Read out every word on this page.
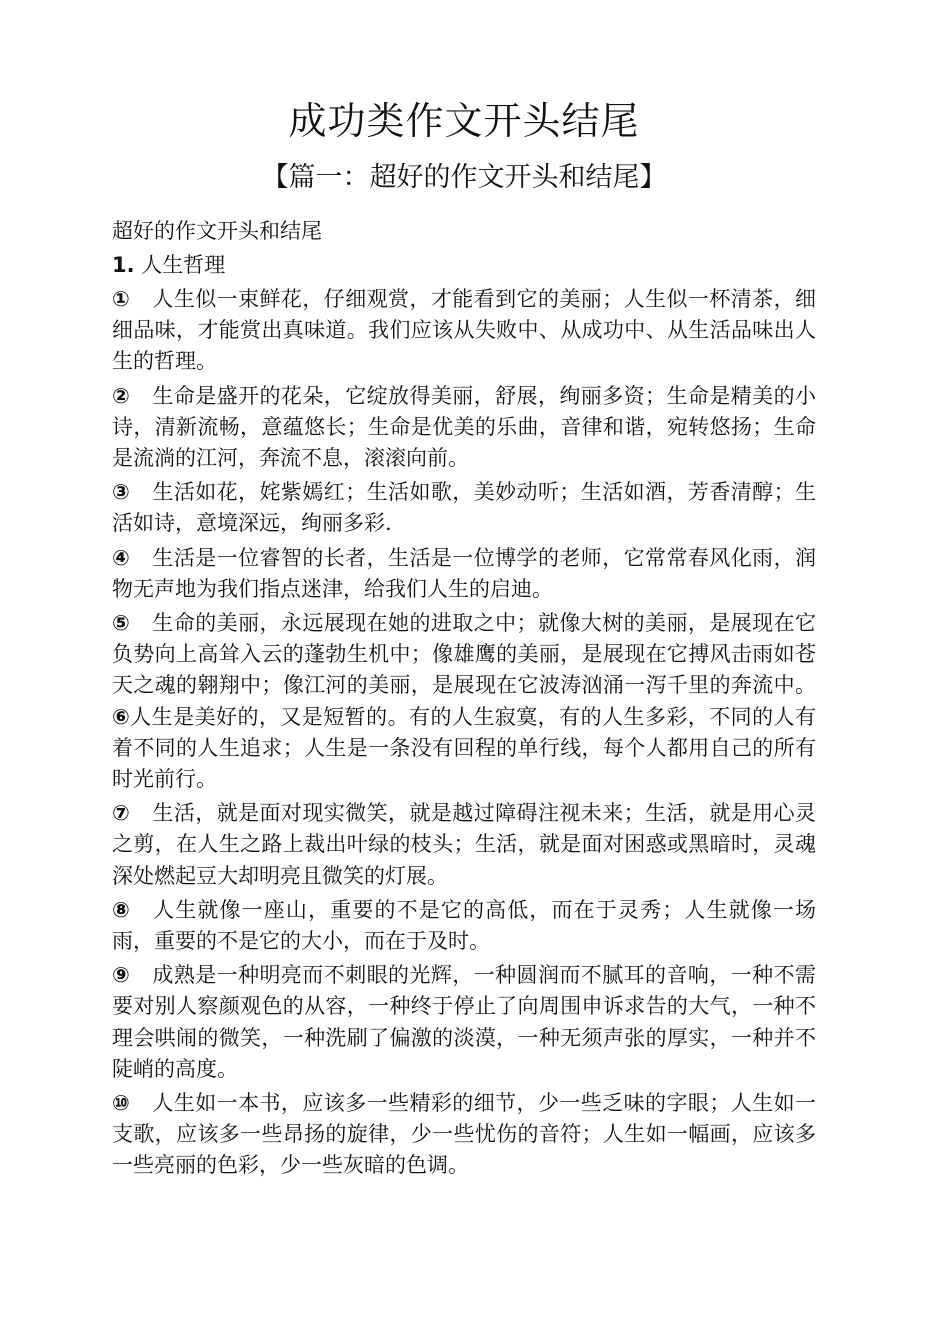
成功类作文开头结尾
【篇一：超好的作文开头和结尾】

超好的作文开头和结尾

1. 人生哲理

① 人生似一束鲜花，仔细观赏，才能看到它的美丽；人生似一杯清茶，细细品味，才能赏出真味道。我们应该从失败中、从成功中、从生活品味出人生的哲理。

② 生命是盛开的花朵，它绽放得美丽，舒展，绚丽多资；生命是精美的小诗，清新流畅，意蕴悠长；生命是优美的乐曲，音律和谐，宛转悠扬；生命是流淌的江河，奔流不息，滚滚向前。

③ 生活如花，姹紫嫣红；生活如歌，美妙动听；生活如酒，芳香清醇；生活如诗，意境深远，绚丽多彩.

④ 生活是一位睿智的长者，生活是一位博学的老师，它常常春风化雨，润物无声地为我们指点迷津，给我们人生的启迪。

⑤ 生命的美丽，永远展现在她的进取之中；就像大树的美丽，是展现在它负势向上高耸入云的蓬勃生机中；像雄鹰的美丽，是展现在它搏风击雨如苍天之魂的翱翔中；像江河的美丽，是展现在它波涛汹涌一泻千里的奔流中。⑥人生是美好的，又是短暂的。有的人生寂寞，有的人生多彩，不同的人有着不同的人生追求；人生是一条没有回程的单行线，每个人都用自己的所有时光前行。

⑦ 生活，就是面对现实微笑，就是越过障碍注视未来；生活，就是用心灵之剪，在人生之路上裁出叶绿的枝头；生活，就是面对困惑或黑暗时，灵魂深处燃起豆大却明亮且微笑的灯展。

⑧ 人生就像一座山，重要的不是它的高低，而在于灵秀；人生就像一场雨，重要的不是它的大小，而在于及时。

⑨ 成熟是一种明亮而不刺眼的光辉，一种圆润而不腻耳的音响，一种不需要对别人察颜观色的从容，一种终于停止了向周围申诉求告的大气，一种不理会哄闹的微笑，一种洗刷了偏激的淡漠，一种无须声张的厚实，一种并不陡峭的高度。

⑩ 人生如一本书，应该多一些精彩的细节，少一些乏味的字眼；人生如一支歌，应该多一些昂扬的旋律，少一些忧伤的音符；人生如一幅画，应该多一些亮丽的色彩，少一些灰暗的色调。
